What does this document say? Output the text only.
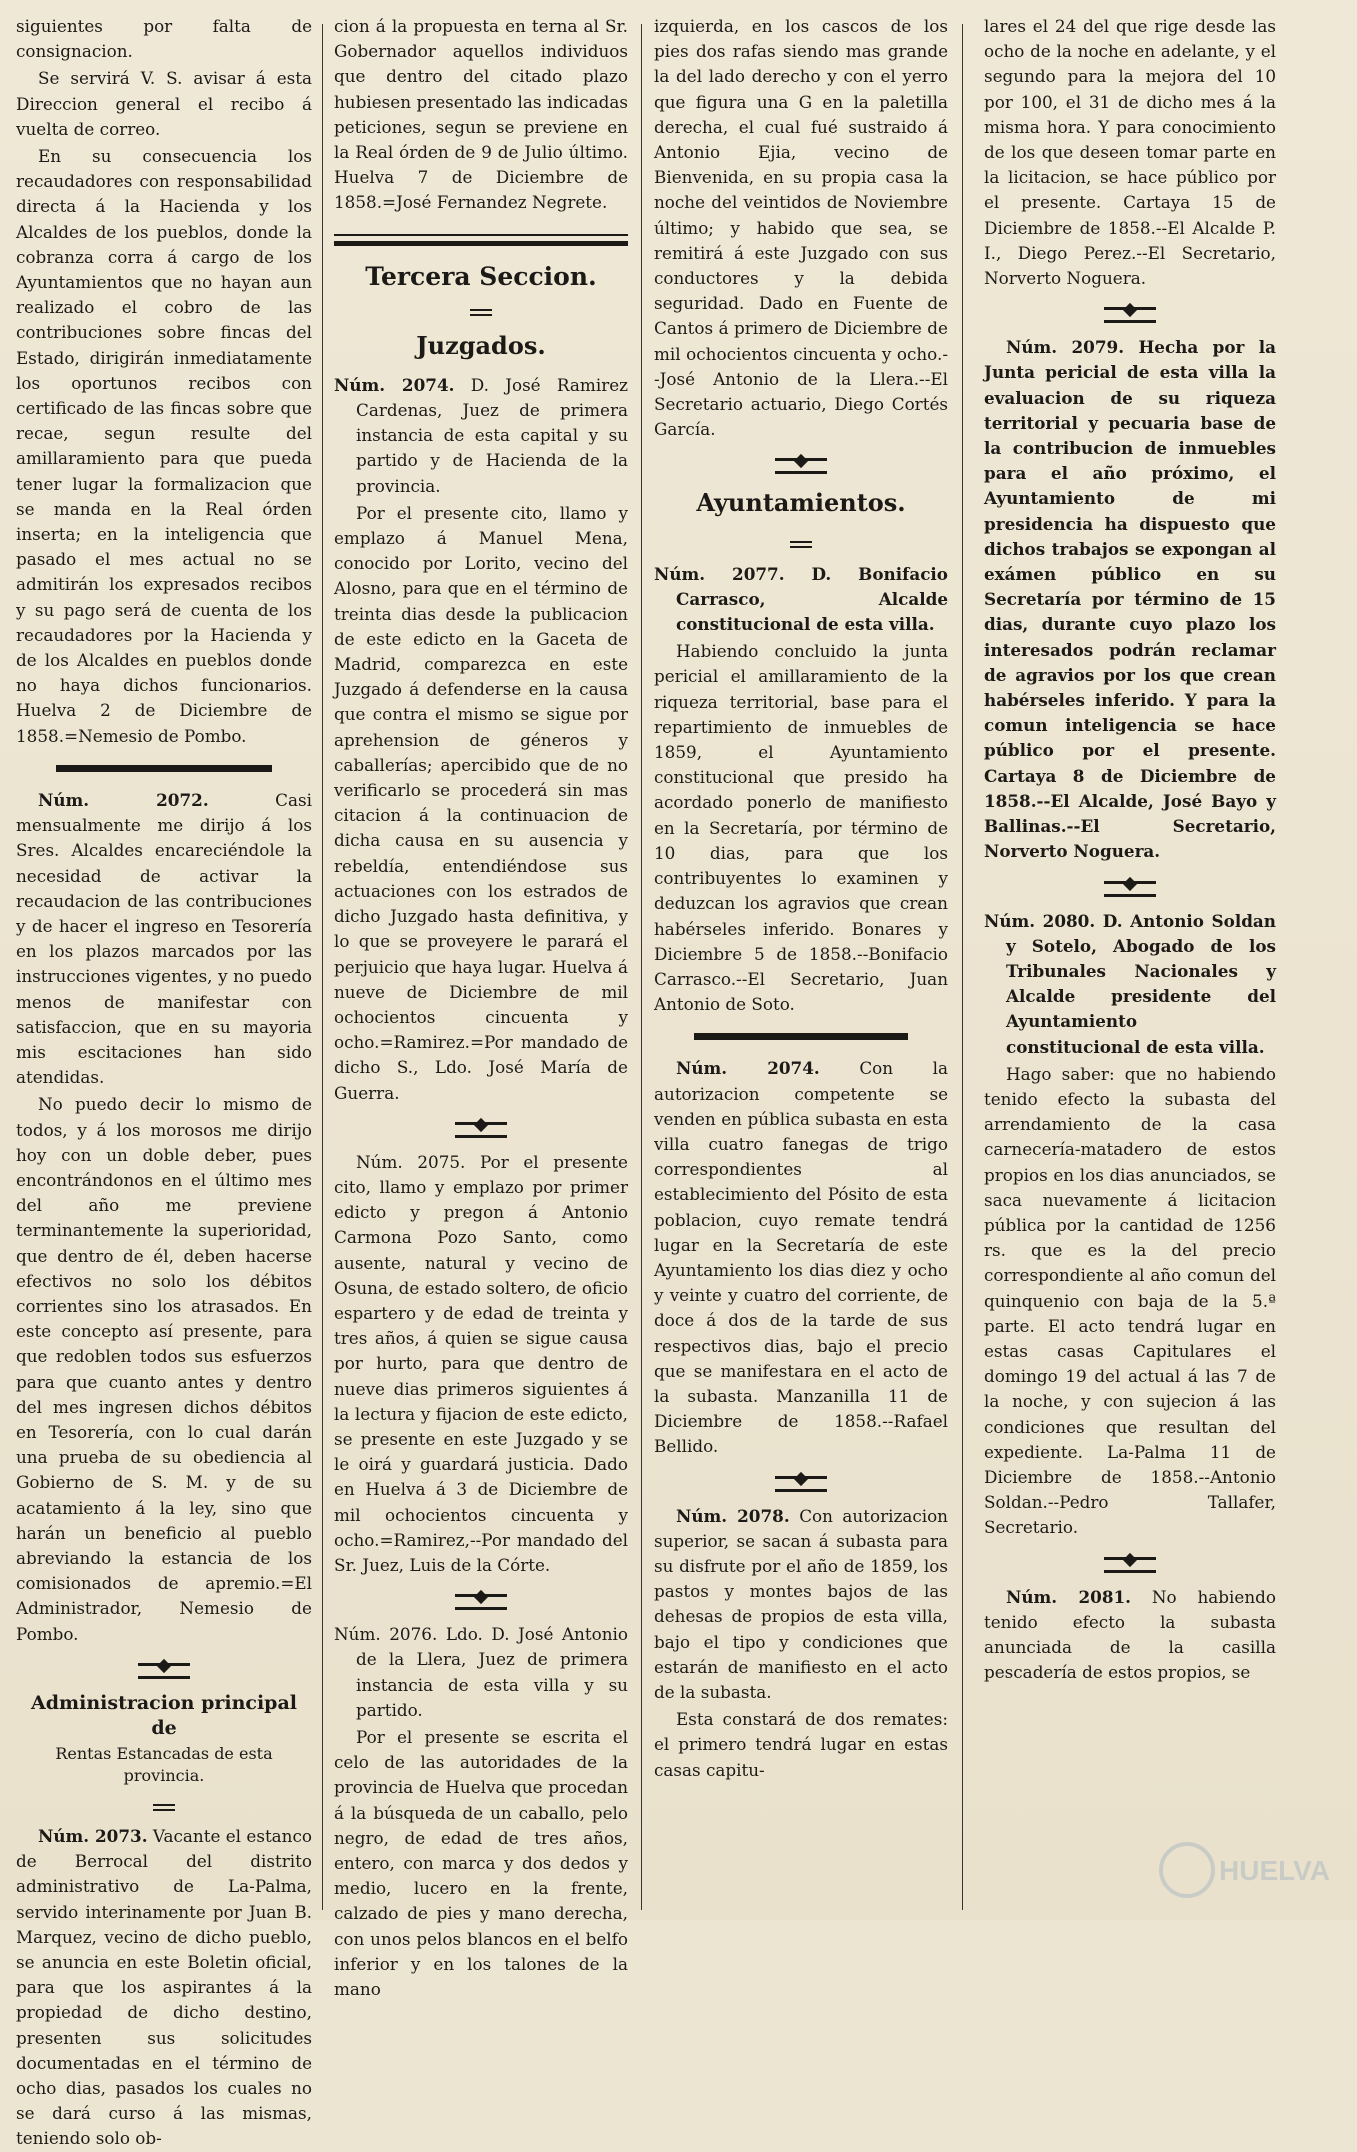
siguientes por falta de consignacion.

Se servirá V. S. avisar á esta Direccion general el recibo á vuelta de correo.

En su consecuencia los recaudadores con responsabilidad directa á la Hacienda y los Alcaldes de los pueblos, donde la cobranza corra á cargo de los Ayuntamientos que no hayan aun realizado el cobro de las contribuciones sobre fincas del Estado, dirigirán inmediatamente los oportunos recibos con certificado de las fincas sobre que recae, segun resulte del amillaramiento para que pueda tener lugar la formalizacion que se manda en la Real órden inserta; en la inteligencia que pasado el mes actual no se admitirán los expresados recibos y su pago será de cuenta de los recaudadores por la Hacienda y de los Alcaldes en pueblos donde no haya dichos funcionarios. Huelva 2 de Diciembre de 1858.=Nemesio de Pombo.

Núm. 2072.	Casi mensualmente me dirijo á los Sres. Alcaldes encareciéndole la necesidad de activar la recaudacion de las contribuciones y de hacer el ingreso en Tesorería en los plazos marcados por las instrucciones vigentes, y no puedo menos de manifestar con satisfaccion, que en su mayoria mis escitaciones han sido atendidas.

No puedo decir lo mismo de todos, y á los morosos me dirijo hoy con un doble deber, pues encontrándonos en el último mes del año me previene terminantemente la superioridad, que dentro de él, deben hacerse efectivos no solo los débitos corrientes sino los atrasados. En este concepto así presente, para que redoblen todos sus esfuerzos para que cuanto antes y dentro del mes ingresen dichos débitos en Tesorería, con lo cual darán una prueba de su obediencia al Gobierno de S. M. y de su acatamiento á la ley, sino que harán un beneficio al pueblo abreviando la estancia de los comisionados de apremio.=El Administrador, Nemesio de Pombo.

Administracion principal de
Rentas Estancadas de esta provincia.

Núm. 2073. Vacante el estanco de Berrocal del distrito administrativo de La-Palma, servido interinamente por Juan B. Marquez, vecino de dicho pueblo, se anuncia en este Boletin oficial, para que los aspirantes á la propiedad de dicho destino, presenten sus solicitudes documentadas en el término de ocho dias, pasados los cuales no se dará curso á las mismas, teniendo solo ob-

cion á la propuesta en terna al Sr. Gobernador aquellos individuos que dentro del citado plazo hubiesen presentado las indicadas peticiones, segun se previene en la Real órden de 9 de Julio último. Huelva 7 de Diciembre de 1858.=José Fernandez Negrete.

Tercera Seccion.
Juzgados.

Núm. 2074. D. José Ramirez Cardenas, Juez de primera instancia de esta capital y su partido y de Hacienda de la provincia.

Por el presente cito, llamo y emplazo á Manuel Mena, conocido por Lorito, vecino del Alosno, para que en el término de treinta dias desde la publicacion de este edicto en la Gaceta de Madrid, comparezca en este Juzgado á defenderse en la causa que contra el mismo se sigue por aprehension de géneros y caballerías; apercibido que de no verificarlo se procederá sin mas citacion á la continuacion de dicha causa en su ausencia y rebeldía, entendiéndose sus actuaciones con los estrados de dicho Juzgado hasta definitiva, y lo que se proveyere le parará el perjuicio que haya lugar. Huelva á nueve de Diciembre de mil ochocientos cincuenta y ocho.=Ramirez.=Por mandado de dicho S., Ldo. José María de Guerra.

Núm. 2075. Por el presente cito, llamo y emplazo por primer edicto y pregon á Antonio Carmona Pozo Santo, como ausente, natural y vecino de Osuna, de estado soltero, de oficio espartero y de edad de treinta y tres años, á quien se sigue causa por hurto, para que dentro de nueve dias primeros siguientes á la lectura y fijacion de este edicto, se presente en este Juzgado y se le oirá y guardará justicia. Dado en Huelva á 3 de Diciembre de mil ochocientos cincuenta y ocho.=Ramirez,--Por mandado del Sr. Juez, Luis de la Córte.

Núm. 2076. Ldo. D. José Antonio de la Llera, Juez de primera instancia de esta villa y su partido.

Por el presente se escrita el celo de las autoridades de la provincia de Huelva que procedan á la búsqueda de un caballo, pelo negro, de edad de tres años, entero, con marca y dos dedos y medio, lucero en la frente, calzado de pies y mano derecha, con unos pelos blancos en el belfo inferior y en los talones de la mano

izquierda, en los cascos de los pies dos rafas siendo mas grande la del lado derecho y con el yerro que figura una G en la paletilla derecha, el cual fué sustraido á Antonio Ejia, vecino de Bienvenida, en su propia casa la noche del veintidos de Noviembre último; y habido que sea, se remitirá á este Juzgado con sus conductores y la debida seguridad. Dado en Fuente de Cantos á primero de Diciembre de mil ochocientos cincuenta y ocho.--José Antonio de la Llera.--El Secretario actuario, Diego Cortés García.

Ayuntamientos.

Núm. 2077. D. Bonifacio Carrasco, Alcalde constitucional de esta villa.

Habiendo concluido la junta pericial el amillaramiento de la riqueza territorial, base para el repartimiento de inmuebles de 1859, el Ayuntamiento constitucional que presido ha acordado ponerlo de manifiesto en la Secretaría, por término de 10 dias, para que los contribuyentes lo examinen y deduzcan los agravios que crean habérseles inferido. Bonares y Diciembre 5 de 1858.--Bonifacio Carrasco.--El Secretario, Juan Antonio de Soto.

Núm. 2074. Con la autorizacion competente se venden en pública subasta en esta villa cuatro fanegas de trigo correspondientes al establecimiento del Pósito de esta poblacion, cuyo remate tendrá lugar en la Secretaría de este Ayuntamiento los dias diez y ocho y veinte y cuatro del corriente, de doce á dos de la tarde de sus respectivos dias, bajo el precio que se manifestara en el acto de la subasta. Manzanilla 11 de Diciembre de 1858.--Rafael Bellido.

Núm. 2078. Con autorizacion superior, se sacan á subasta para su disfrute por el año de 1859, los pastos y montes bajos de las dehesas de propios de esta villa, bajo el tipo y condiciones que estarán de manifiesto en el acto de la subasta.

Esta constará de dos remates: el primero tendrá lugar en estas casas capitu-

lares el 24 del que rige desde las ocho de la noche en adelante, y el segundo para la mejora del 10 por 100, el 31 de dicho mes á la misma hora. Y para conocimiento de los que deseen tomar parte en la licitacion, se hace público por el presente. Cartaya 15 de Diciembre de 1858.--El Alcalde P. I., Diego Perez.--El Secretario, Norverto Noguera.

Núm. 2079. Hecha por la Junta pericial de esta villa la evaluacion de su riqueza territorial y pecuaria base de la contribucion de inmuebles para el año próximo, el Ayuntamiento de mi presidencia ha dispuesto que dichos trabajos se expongan al exámen público en su Secretaría por término de 15 dias, durante cuyo plazo los interesados podrán reclamar de agravios por los que crean habérseles inferido. Y para la comun inteligencia se hace público por el presente. Cartaya 8 de Diciembre de 1858.--El Alcalde, José Bayo y Ballinas.--El Secretario, Norverto Noguera.

Núm. 2080. D. Antonio Soldan y Sotelo, Abogado de los Tribunales Nacionales y Alcalde presidente del Ayuntamiento constitucional de esta villa.

Hago saber: que no habiendo tenido efecto la subasta del arrendamiento de la casa carnecería-matadero de estos propios en los dias anunciados, se saca nuevamente á licitacion pública por la cantidad de 1256 rs. que es la del precio correspondiente al año comun del quinquenio con baja de la 5.ª parte. El acto tendrá lugar en estas casas Capitulares el domingo 19 del actual á las 7 de la noche, y con sujecion á las condiciones que resultan del expediente. La-Palma 11 de Diciembre de 1858.--Antonio Soldan.--Pedro Tallafer, Secretario.

Núm. 2081. No habiendo tenido efecto la subasta anunciada de la casilla pescadería de estos propios, se

HUELVA
